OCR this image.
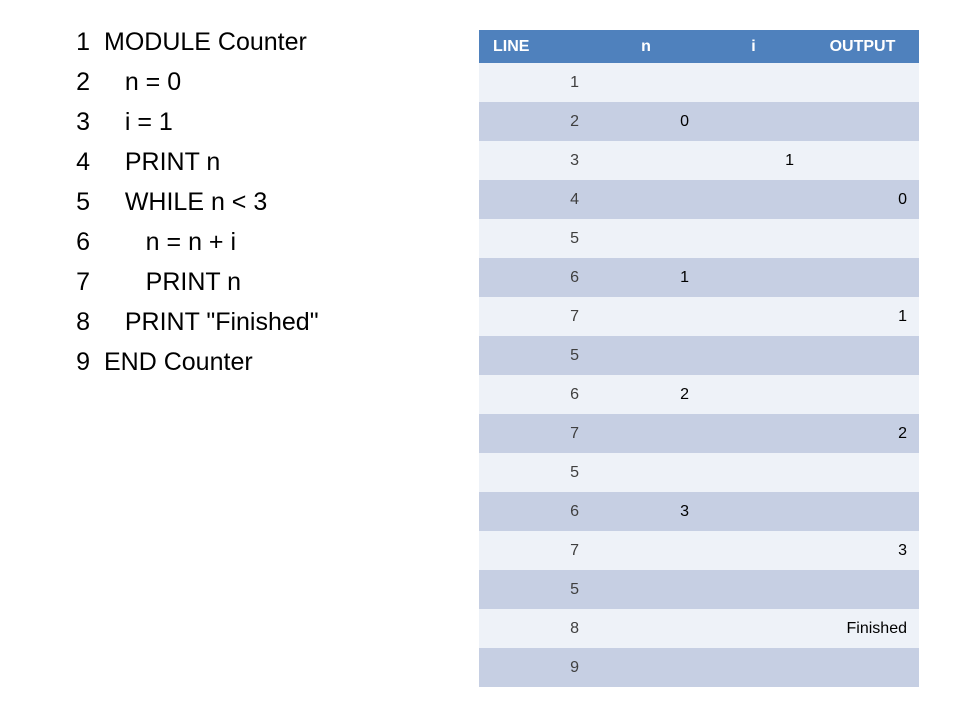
1 MODULE Counter
2 n = 0
3 i = 1
4 PRINT n
5 WHILE n < 3
6 n = n + i
7 PRINT n
8 PRINT "Finished"
9 END Counter
LINE	n	i	OUTPUT
1			
2	0		
3		1	
4			0
5			
6	1		
7			1
5			
6	2		
7			2
5			
6	3		
7			3
5			
8			Finished
9			
